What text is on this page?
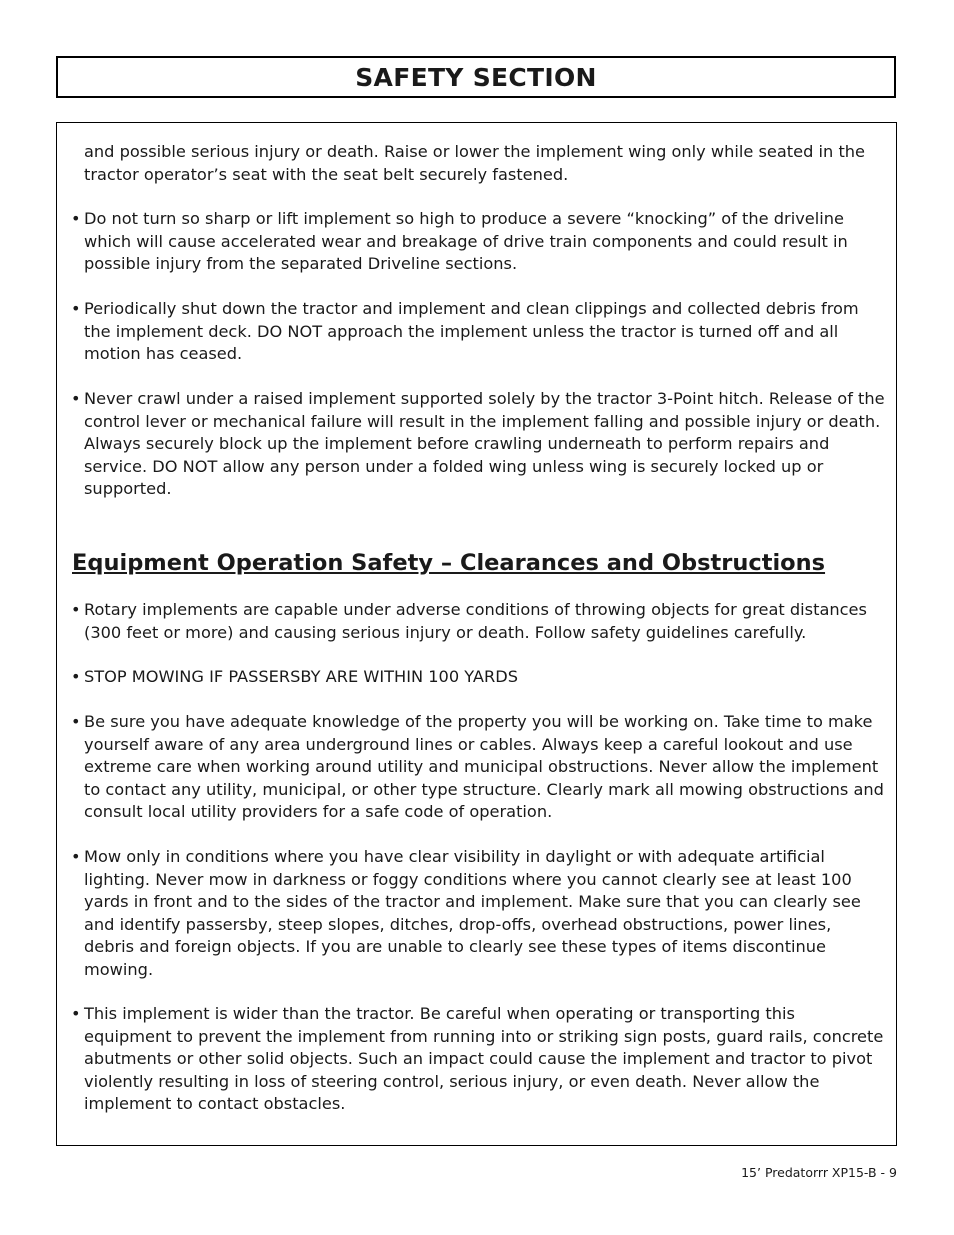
SAFETY SECTION

and possible serious injury or death. Raise or lower the implement wing only while seated in the tractor operator’s seat with the seat belt securely fastened.

• Do not turn so sharp or lift implement so high to produce a severe “knocking” of the driveline which will cause accelerated wear and breakage of drive train components and could result in possible injury from the separated Driveline sections.

• Periodically shut down the tractor and implement and clean clippings and collected debris from the implement deck. DO NOT approach the implement unless the tractor is turned off and all motion has ceased.

• Never crawl under a raised implement supported solely by the tractor 3-Point hitch. Release of the control lever or mechanical failure will result in the implement falling and possible injury or death. Always securely block up the implement before crawling underneath to perform repairs and service. DO NOT allow any person under a folded wing unless wing is securely locked up or supported.

Equipment Operation Safety – Clearances and Obstructions

• Rotary implements are capable under adverse conditions of throwing objects for great distances (300 feet or more) and causing serious injury or death. Follow safety guidelines carefully.

• STOP MOWING IF PASSERSBY ARE WITHIN 100 YARDS

• Be sure you have adequate knowledge of the property you will be working on. Take time to make yourself aware of any area underground lines or cables. Always keep a careful lookout and use extreme care when working around utility and municipal obstructions. Never allow the implement to contact any utility, municipal, or other type structure. Clearly mark all mowing obstructions and consult local utility providers for a safe code of operation.

• Mow only in conditions where you have clear visibility in daylight or with adequate artificial lighting. Never mow in darkness or foggy conditions where you cannot clearly see at least 100 yards in front and to the sides of the tractor and implement. Make sure that you can clearly see and identify passersby, steep slopes, ditches, drop-offs, overhead obstructions, power lines, debris and foreign objects. If you are unable to clearly see these types of items discontinue mowing.

• This implement is wider than the tractor. Be careful when operating or transporting this equipment to prevent the implement from running into or striking sign posts, guard rails, concrete abutments or other solid objects. Such an impact could cause the implement and tractor to pivot violently resulting in loss of steering control, serious injury, or even death. Never allow the implement to contact obstacles.

15’ Predatorrr XP15-B - 9
